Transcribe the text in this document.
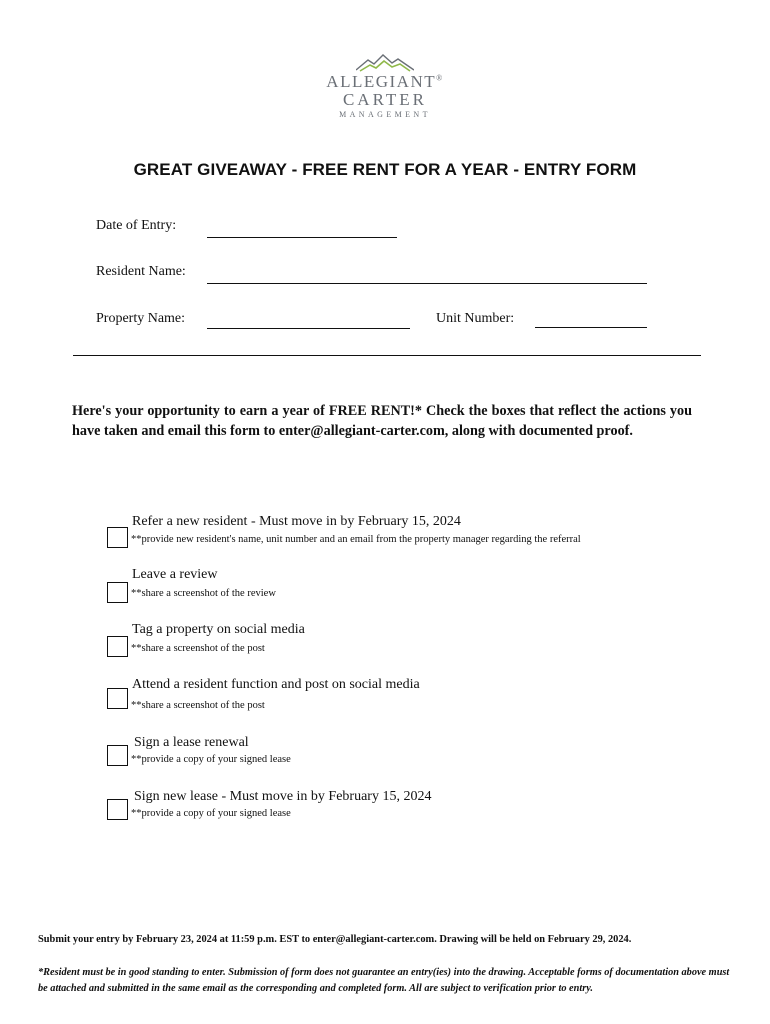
ALLEGIANT®
CARTER
MANAGEMENT
GREAT GIVEAWAY - FREE RENT FOR A YEAR - ENTRY FORM
Date of Entry:
Resident Name:
Property Name:	Unit Number:
Here's your opportunity to earn a year of FREE RENT!* Check the boxes that reflect the actions you have taken and email this form to enter@allegiant-carter.com, along with documented proof.
Refer a new resident - Must move in by February 15, 2024
**provide new resident's name, unit number and an email from the property manager regarding the referral
Leave a review
**share a screenshot of the review
Tag a property on social media
**share a screenshot of the post
Attend a resident function and post on social media
**share a screenshot of the post
Sign a lease renewal
**provide a copy of your signed lease
Sign new lease - Must move in by February 15, 2024
**provide a copy of your signed lease
Submit your entry by February 23, 2024 at 11:59 p.m. EST to enter@allegiant-carter.com. Drawing will be held on February 29, 2024.
*Resident must be in good standing to enter. Submission of form does not guarantee an entry(ies) into the drawing. Acceptable forms of documentation above must be attached and submitted in the same email as the corresponding and completed form. All are subject to verification prior to entry.
